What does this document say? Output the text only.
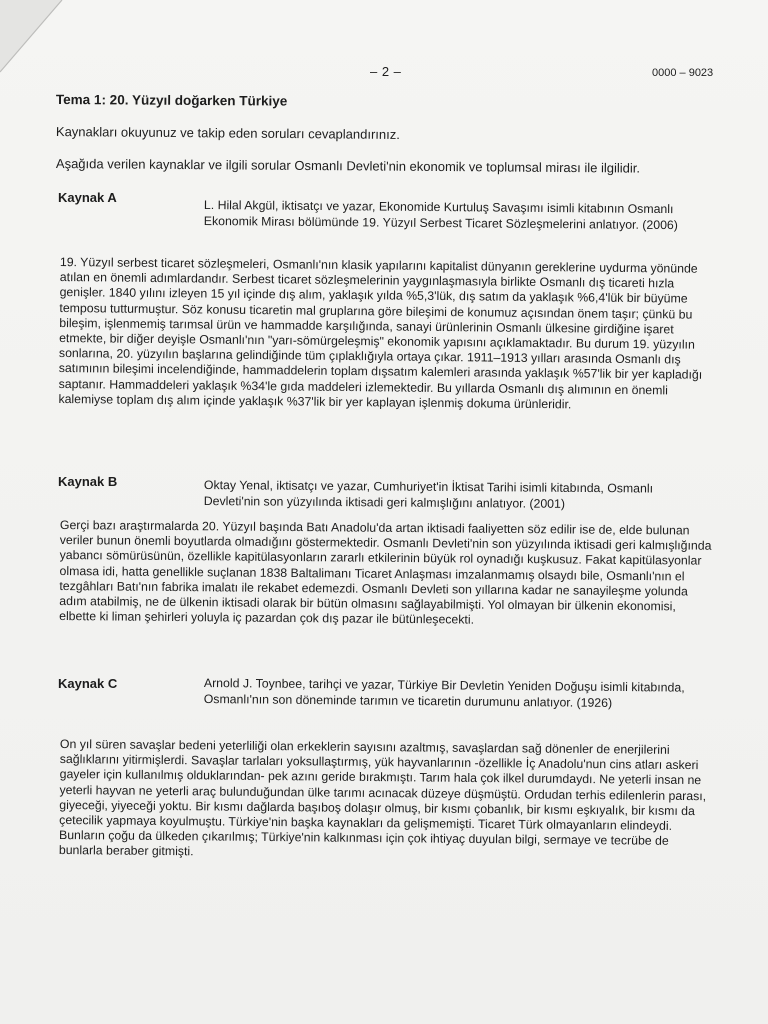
– 2 –	0000 – 9023
Tema 1: 20. Yüzyıl doğarken Türkiye
Kaynakları okuyunuz ve takip eden soruları cevaplandırınız.
Aşağıda verilen kaynaklar ve ilgili sorular Osmanlı Devleti'nin ekonomik ve toplumsal mirası ile ilgilidir.
Kaynak A
L. Hilal Akgül, iktisatçı ve yazar, Ekonomide Kurtuluş Savaşımı isimli kitabının Osmanlı Ekonomik Mirası bölümünde 19. Yüzyıl Serbest Ticaret Sözleşmelerini anlatıyor. (2006)
19. Yüzyıl serbest ticaret sözleşmeleri, Osmanlı'nın klasik yapılarını kapitalist dünyanın gereklerine uydurma yönünde atılan en önemli adımlardandır. Serbest ticaret sözleşmelerinin yaygınlaşmasıyla birlikte Osmanlı dış ticareti hızla genişler. 1840 yılını izleyen 15 yıl içinde dış alım, yaklaşık yılda %5,3'lük, dış satım da yaklaşık %6,4'lük bir büyüme temposu tutturmuştur. Söz konusu ticaretin mal gruplarına göre bileşimi de konumuz açısından önem taşır; çünkü bu bileşim, işlenmemiş tarımsal ürün ve hammadde karşılığında, sanayi ürünlerinin Osmanlı ülkesine girdiğine işaret etmekte, bir diğer deyişle Osmanlı'nın "yarı-sömürgeleşmiş" ekonomik yapısını açıklamaktadır. Bu durum 19. yüzyılın sonlarına, 20. yüzyılın başlarına gelindiğinde tüm çıplaklığıyla ortaya çıkar. 1911–1913 yılları arasında Osmanlı dış satımının bileşimi incelendiğinde, hammaddelerin toplam dışsatım kalemleri arasında yaklaşık %57'lik bir yer kapladığı saptanır. Hammaddeleri yaklaşık %34'le gıda maddeleri izlemektedir. Bu yıllarda Osmanlı dış alımının en önemli kalemiyse toplam dış alım içinde yaklaşık %37'lik bir yer kaplayan işlenmiş dokuma ürünleridir.
Kaynak B	Oktay Yenal, iktisatçı ve yazar, Cumhuriyet'in İktisat Tarihi isimli kitabında, Osmanlı Devleti'nin son yüzyılında iktisadi geri kalmışlığını anlatıyor. (2001)
Gerçi bazı araştırmalarda 20. Yüzyıl başında Batı Anadolu'da artan iktisadi faaliyetten söz edilir ise de, elde bulunan veriler bunun önemli boyutlarda olmadığını göstermektedir. Osmanlı Devleti'nin son yüzyılında iktisadi geri kalmışlığında yabancı sömürüsünün, özellikle kapitülasyonların zararlı etkilerinin büyük rol oynadığı kuşkusuz. Fakat kapitülasyonlar olmasa idi, hatta genellikle suçlanan 1838 Baltalimanı Ticaret Anlaşması imzalanmamış olsaydı bile, Osmanlı'nın el tezgâhları Batı'nın fabrika imalatı ile rekabet edemezdi. Osmanlı Devleti son yıllarına kadar ne sanayileşme yolunda adım atabilmiş, ne de ülkenin iktisadi olarak bir bütün olmasını sağlayabilmişti. Yol olmayan bir ülkenin ekonomisi, elbette ki liman şehirleri yoluyla iç pazardan çok dış pazar ile bütünleşecekti.
Kaynak C	Arnold J. Toynbee, tarihçi ve yazar, Türkiye Bir Devletin Yeniden Doğuşu isimli kitabında, Osmanlı'nın son döneminde tarımın ve ticaretin durumunu anlatıyor. (1926)
On yıl süren savaşlar bedeni yeterliliği olan erkeklerin sayısını azaltmış, savaşlardan sağ dönenler de enerjilerini sağlıklarını yitirmişlerdi. Savaşlar tarlaları yoksullaştırmış, yük hayvanlarının -özellikle İç Anadolu'nun cins atları askeri gayeler için kullanılmış olduklarından- pek azını geride bırakmıştı. Tarım hala çok ilkel durumdaydı. Ne yeterli insan ne yeterli hayvan ne yeterli araç bulunduğundan ülke tarımı acınacak düzeye düşmüştü. Ordudan terhis edilenlerin parası, giyeceği, yiyeceği yoktu. Bir kısmı dağlarda başıboş dolaşır olmuş, bir kısmı çobanlık, bir kısmı eşkıyalık, bir kısmı da çetecilik yapmaya koyulmuştu. Türkiye'nin başka kaynakları da gelişmemişti. Ticaret Türk olmayanların elindeydi. Bunların çoğu da ülkeden çıkarılmış; Türkiye'nin kalkınması için çok ihtiyaç duyulan bilgi, sermaye ve tecrübe de bunlarla beraber gitmişti.
